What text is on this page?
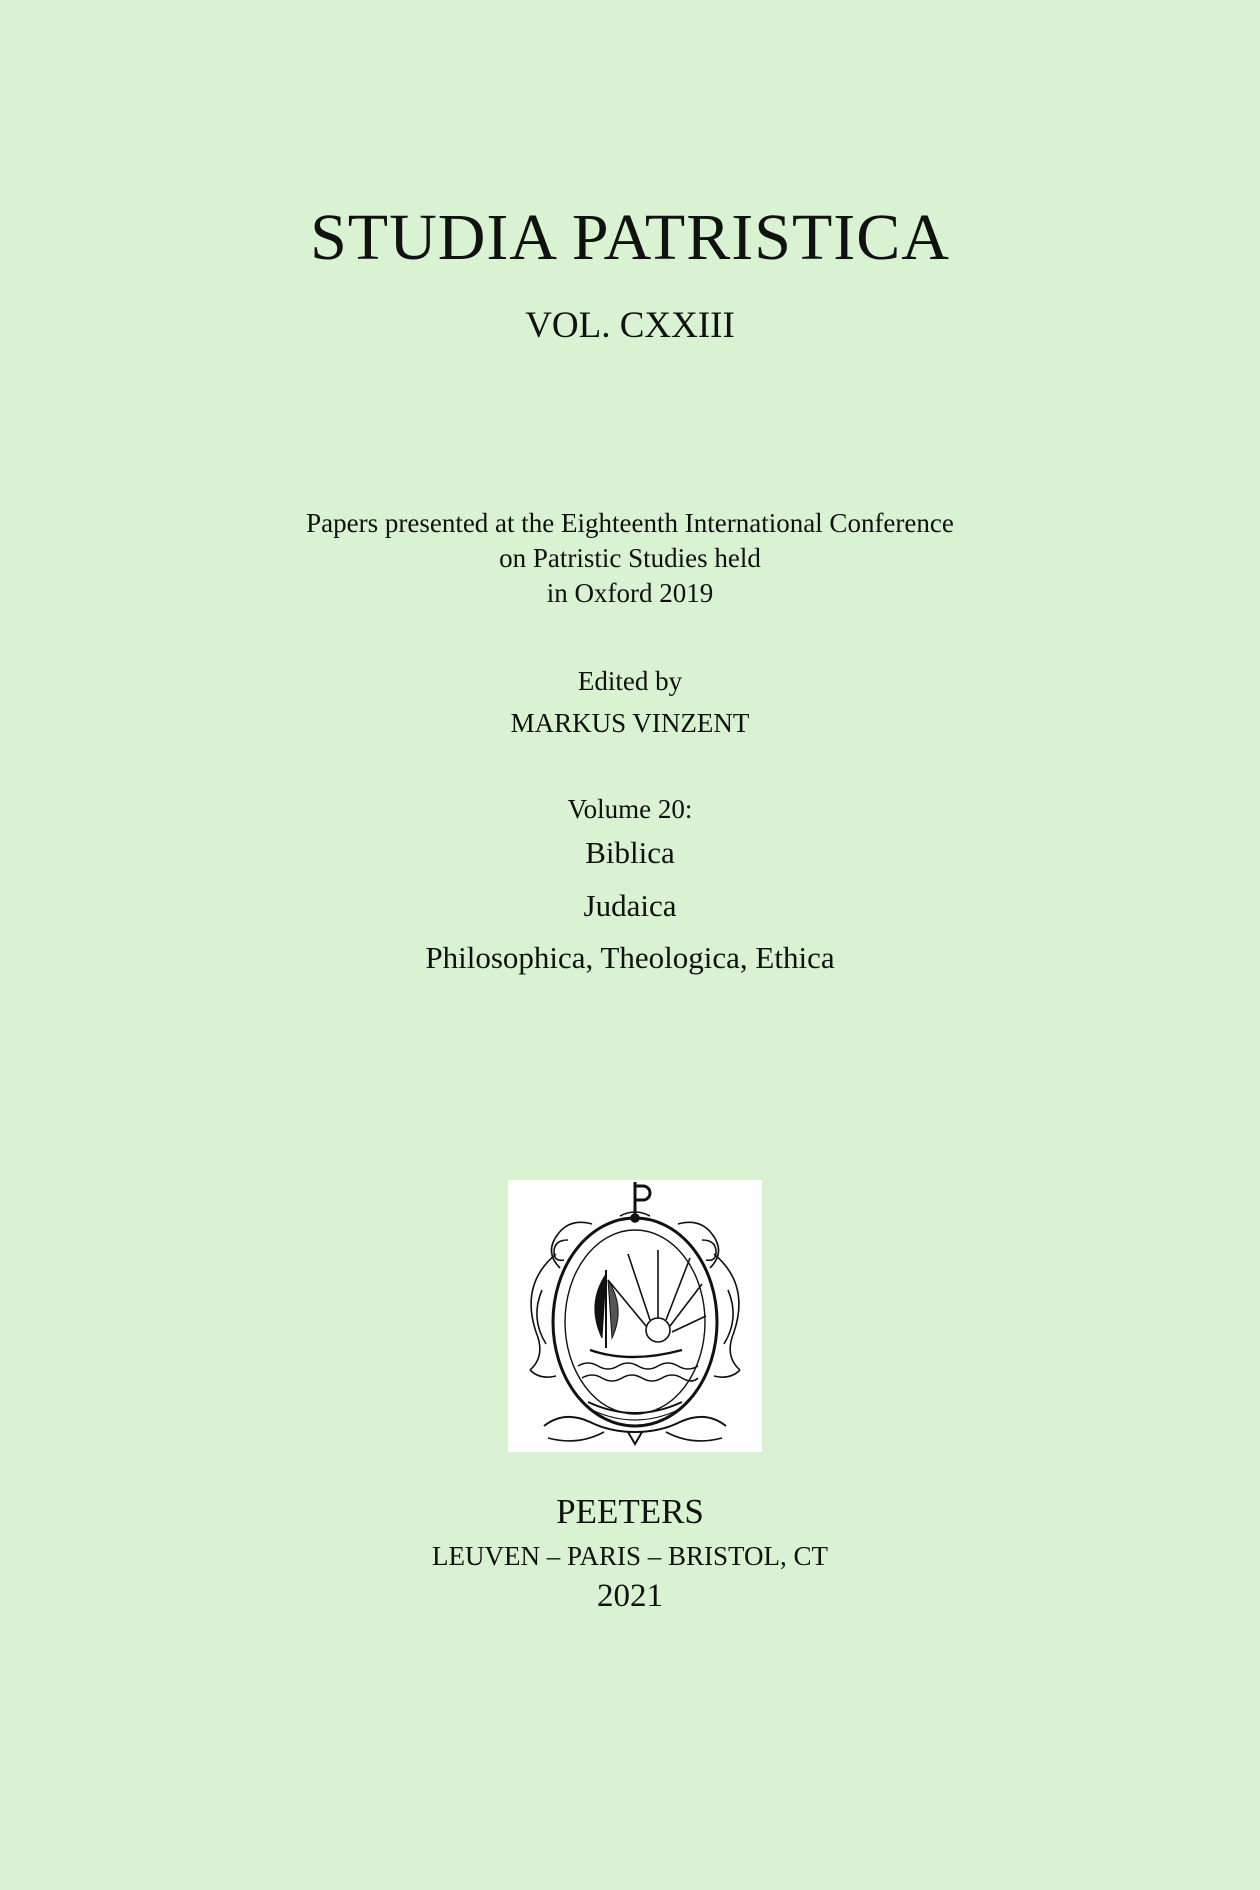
STUDIA PATRISTICA
VOL. CXXIII
Papers presented at the Eighteenth International Conference
on Patristic Studies held
in Oxford 2019
Edited by
MARKUS VINZENT
Volume 20:
Biblica
Judaica
Philosophica, Theologica, Ethica
PEETERS
LEUVEN – PARIS – BRISTOL, CT
2021
